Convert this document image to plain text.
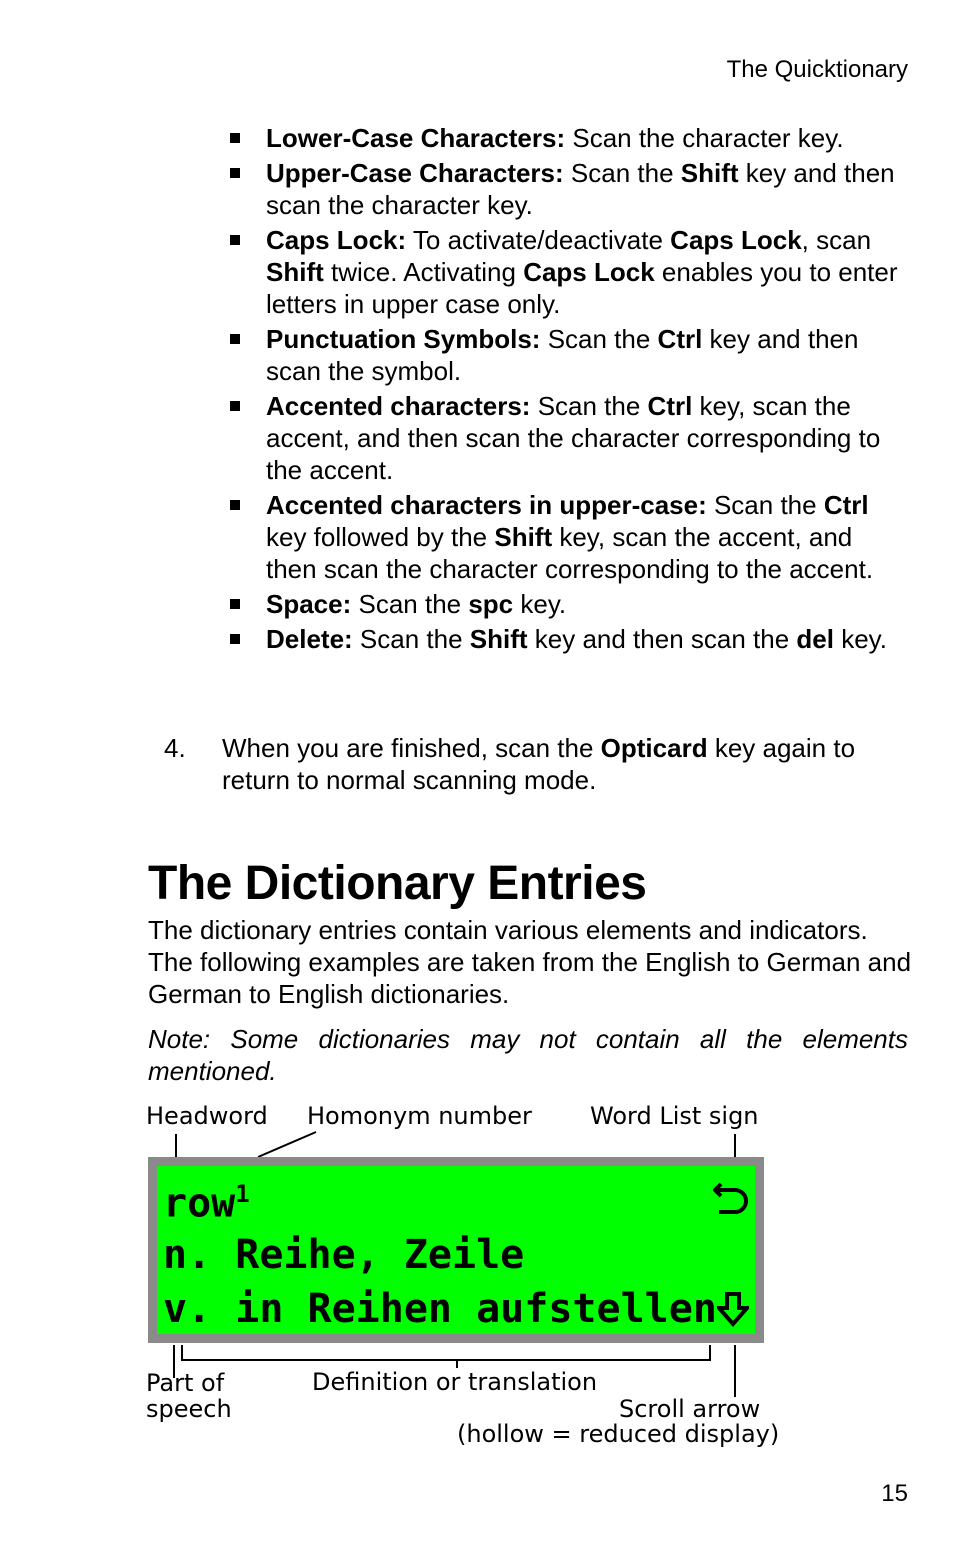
The Quicktionary
Lower-Case Characters: Scan the character key.
Upper-Case Characters: Scan the Shift key and then scan the character key.
Caps Lock: To activate/deactivate Caps Lock, scan Shift twice. Activating Caps Lock enables you to enter letters in upper case only.
Punctuation Symbols: Scan the Ctrl key and then scan the symbol.
Accented characters: Scan the Ctrl key, scan the accent, and then scan the character corresponding to the accent.
Accented characters in upper-case: Scan the Ctrl key followed by the Shift key, scan the accent, and then scan the character corresponding to the accent.
Space: Scan the spc key.
Delete: Scan the Shift key and then scan the del key.
4. When you are finished, scan the Opticard key again to return to normal scanning mode.
The Dictionary Entries
The dictionary entries contain various elements and indicators. The following examples are taken from the English to German and German to English dictionaries.
Note: Some dictionaries may not contain all the elements mentioned.
Headword Homonym number Word List sign
row$^1$
n. Reihe, Zeile
v. in Reihen aufstellen
Part of
speech
Definition or translation
Scroll arrow
(hollow = reduced display)
15
